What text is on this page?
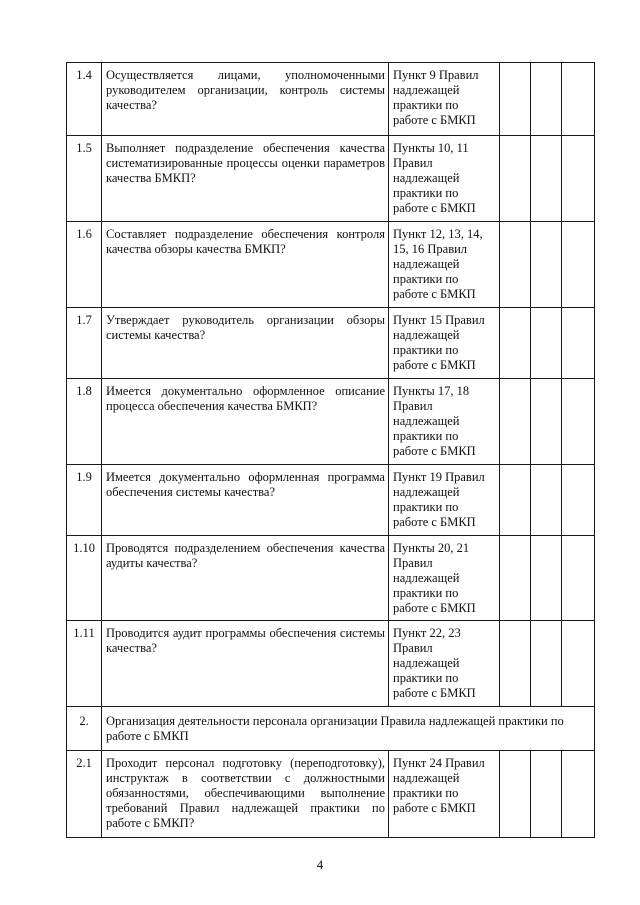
1.4	Осуществляется лицами, уполномоченными руководителем организации, контроль системы качества?	Пункт 9 Правил надлежащей практики по работе с БМКП			
1.5	Выполняет подразделение обеспечения качества систематизированные процессы оценки параметров качества БМКП?	Пункты 10, 11 Правил надлежащей практики по работе с БМКП			
1.6	Составляет подразделение обеспечения контроля качества обзоры качества БМКП?	Пункт 12, 13, 14, 15, 16 Правил надлежащей практики по работе с БМКП			
1.7	Утверждает руководитель организации обзоры системы качества?	Пункт 15 Правил надлежащей практики по работе с БМКП			
1.8	Имеется документально оформленное описание процесса обеспечения качества БМКП?	Пункты 17, 18 Правил надлежащей практики по работе с БМКП			
1.9	Имеется документально оформленная программа обеспечения системы качества?	Пункт 19 Правил надлежащей практики по работе с БМКП			
1.10	Проводятся подразделением обеспечения качества аудиты качества?	Пункты 20, 21 Правил надлежащей практики по работе с БМКП			
1.11	Проводится аудит программы обеспечения системы качества?	Пункт 22, 23 Правил надлежащей практики по работе с БМКП			
2.	Организация деятельности персонала организации Правила надлежащей практики по работе с БМКП				
2.1	Проходит персонал подготовку (переподготовку), инструктаж в соответствии с должностными обязанностями, обеспечивающими выполнение требований Правил надлежащей практики по работе с БМКП?	Пункт 24 Правил надлежащей практики по работе с БМКП			
4
